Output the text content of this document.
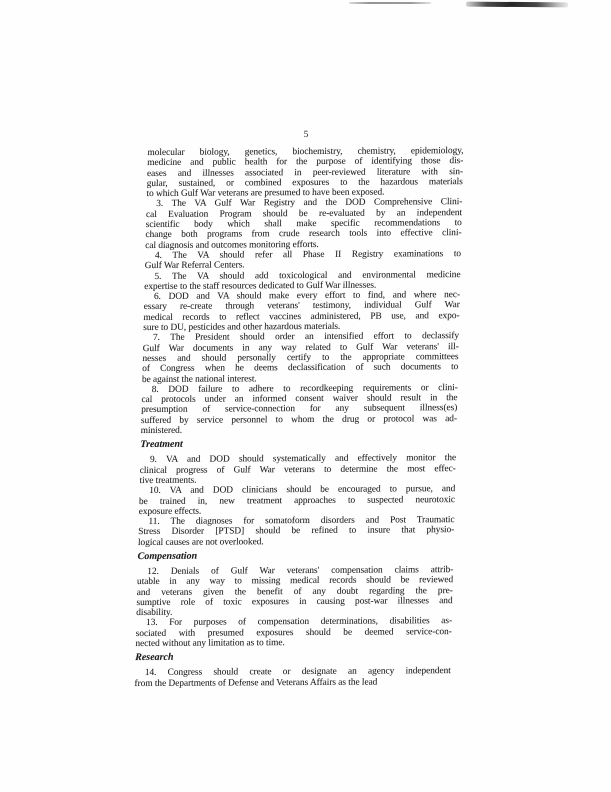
5
molecular biology, genetics, biochemistry, chemistry, epidemiology,
medicine and public health for the purpose of identifying those dis-
eases and illnesses associated in peer-reviewed literature with sin-
gular, sustained, or combined exposures to the hazardous materials
to which Gulf War veterans are presumed to have been exposed.
3. The VA Gulf War Registry and the DOD Comprehensive Clini-
cal Evaluation Program should be re-evaluated by an independent
scientific body which shall make specific recommendations to
change both programs from crude research tools into effective clini-
cal diagnosis and outcomes monitoring efforts.
4. The VA should refer all Phase II Registry examinations to
Gulf War Referral Centers.
5. The VA should add toxicological and environmental medicine
expertise to the staff resources dedicated to Gulf War illnesses.
6. DOD and VA should make every effort to find, and where nec-
essary re-create through veterans' testimony, individual Gulf War
medical records to reflect vaccines administered, PB use, and expo-
sure to DU, pesticides and other hazardous materials.
7. The President should order an intensified effort to declassify
Gulf War documents in any way related to Gulf War veterans' ill-
nesses and should personally certify to the appropriate committees
of Congress when he deems declassification of such documents to
be against the national interest.
8. DOD failure to adhere to recordkeeping requirements or clini-
cal protocols under an informed consent waiver should result in the
presumption of service-connection for any subsequent illness(es)
suffered by service personnel to whom the drug or protocol was ad-
ministered.
Treatment
9. VA and DOD should systematically and effectively monitor the
clinical progress of Gulf War veterans to determine the most effec-
tive treatments.
10. VA and DOD clinicians should be encouraged to pursue, and
be trained in, new treatment approaches to suspected neurotoxic
exposure effects.
11. The diagnoses for somatoform disorders and Post Traumatic
Stress Disorder [PTSD] should be refined to insure that physio-
logical causes are not overlooked.
Compensation
12. Denials of Gulf War veterans' compensation claims attrib-
utable in any way to missing medical records should be reviewed
and veterans given the benefit of any doubt regarding the pre-
sumptive role of toxic exposures in causing post-war illnesses and
disability.
13. For purposes of compensation determinations, disabilities as-
sociated with presumed exposures should be deemed service-con-
nected without any limitation as to time.
Research
14. Congress should create or designate an agency independent
from the Departments of Defense and Veterans Affairs as the lead
